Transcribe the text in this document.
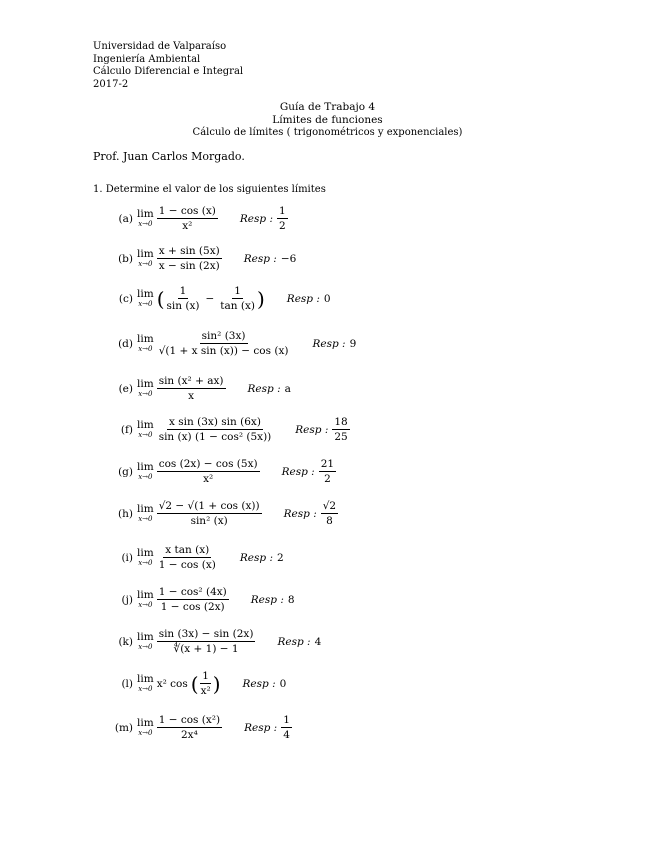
Universidad de Valparaíso
Ingeniería Ambiental
Cálculo Diferencial e Integral
2017-2
Guía de Trabajo 4
Límites de funciones
Cálculo de límites ( trigonométricos y exponenciales)
Prof. Juan Carlos Morgado.
1. Determine el valor de los siguientes límites
(a) lim
$x\to 0 \frac{1 - \cos (x)}{\text{x²}}$ Resp : $\frac{1}{2}$
(b) lim
$x\to 0 \frac{x + \sin (5x)}{x - \sin (2x)}$ Resp : −6
(c) lim
x→0 ( $\frac{1}{\sin (x)} - \frac{1}{\tan (x)}$ ) Resp : 0
(d) lim
$x\to 0 \frac{\text{sin² (3x)}}{\text{√(1 + x sin (x)) − cos (x)}}$ Resp : 9
(e) lim
$x\to 0 \frac{\text{sin (x² + ax)}}{x}$ Resp : a
(f) lim
$x\to 0 \frac{\text{x sin (3x) sin (6x)}}{\text{sin (x) (1 − cos² (5x))}}$ Resp : $\frac{18}{25}$
(g) lim
$x\to 0 \frac{\cos (2x) - \cos (5x)}{\text{x²}}$ Resp : $\frac{21}{2}$
(h) lim
$x\to 0 \frac{√2 - √(1 + \cos (x))}{\text{sin² (x)}}$ Resp : $\frac{√2}{8}$
(i) lim
$x\to 0 \frac{\text{x tan (x)}}{1 - \cos (x)}$ Resp : 2
(j) lim
$x\to 0 \frac{\text{1 − cos² (4x)}}{1 - \cos (2x)}$ Resp : 8
(k) lim
$x\to 0 \frac{\sin (3x) - \sin (2x)}{∜(x + 1) - 1}$ Resp : 4
(l) lim
x→0 x² cos ( $\frac{1}{\text{x²}}$ ) Resp : 0
(m) lim
$x\to 0 \frac{\text{1 − cos (x²)}}{\text{2x⁴}}$ Resp : $\frac{1}{4}$
